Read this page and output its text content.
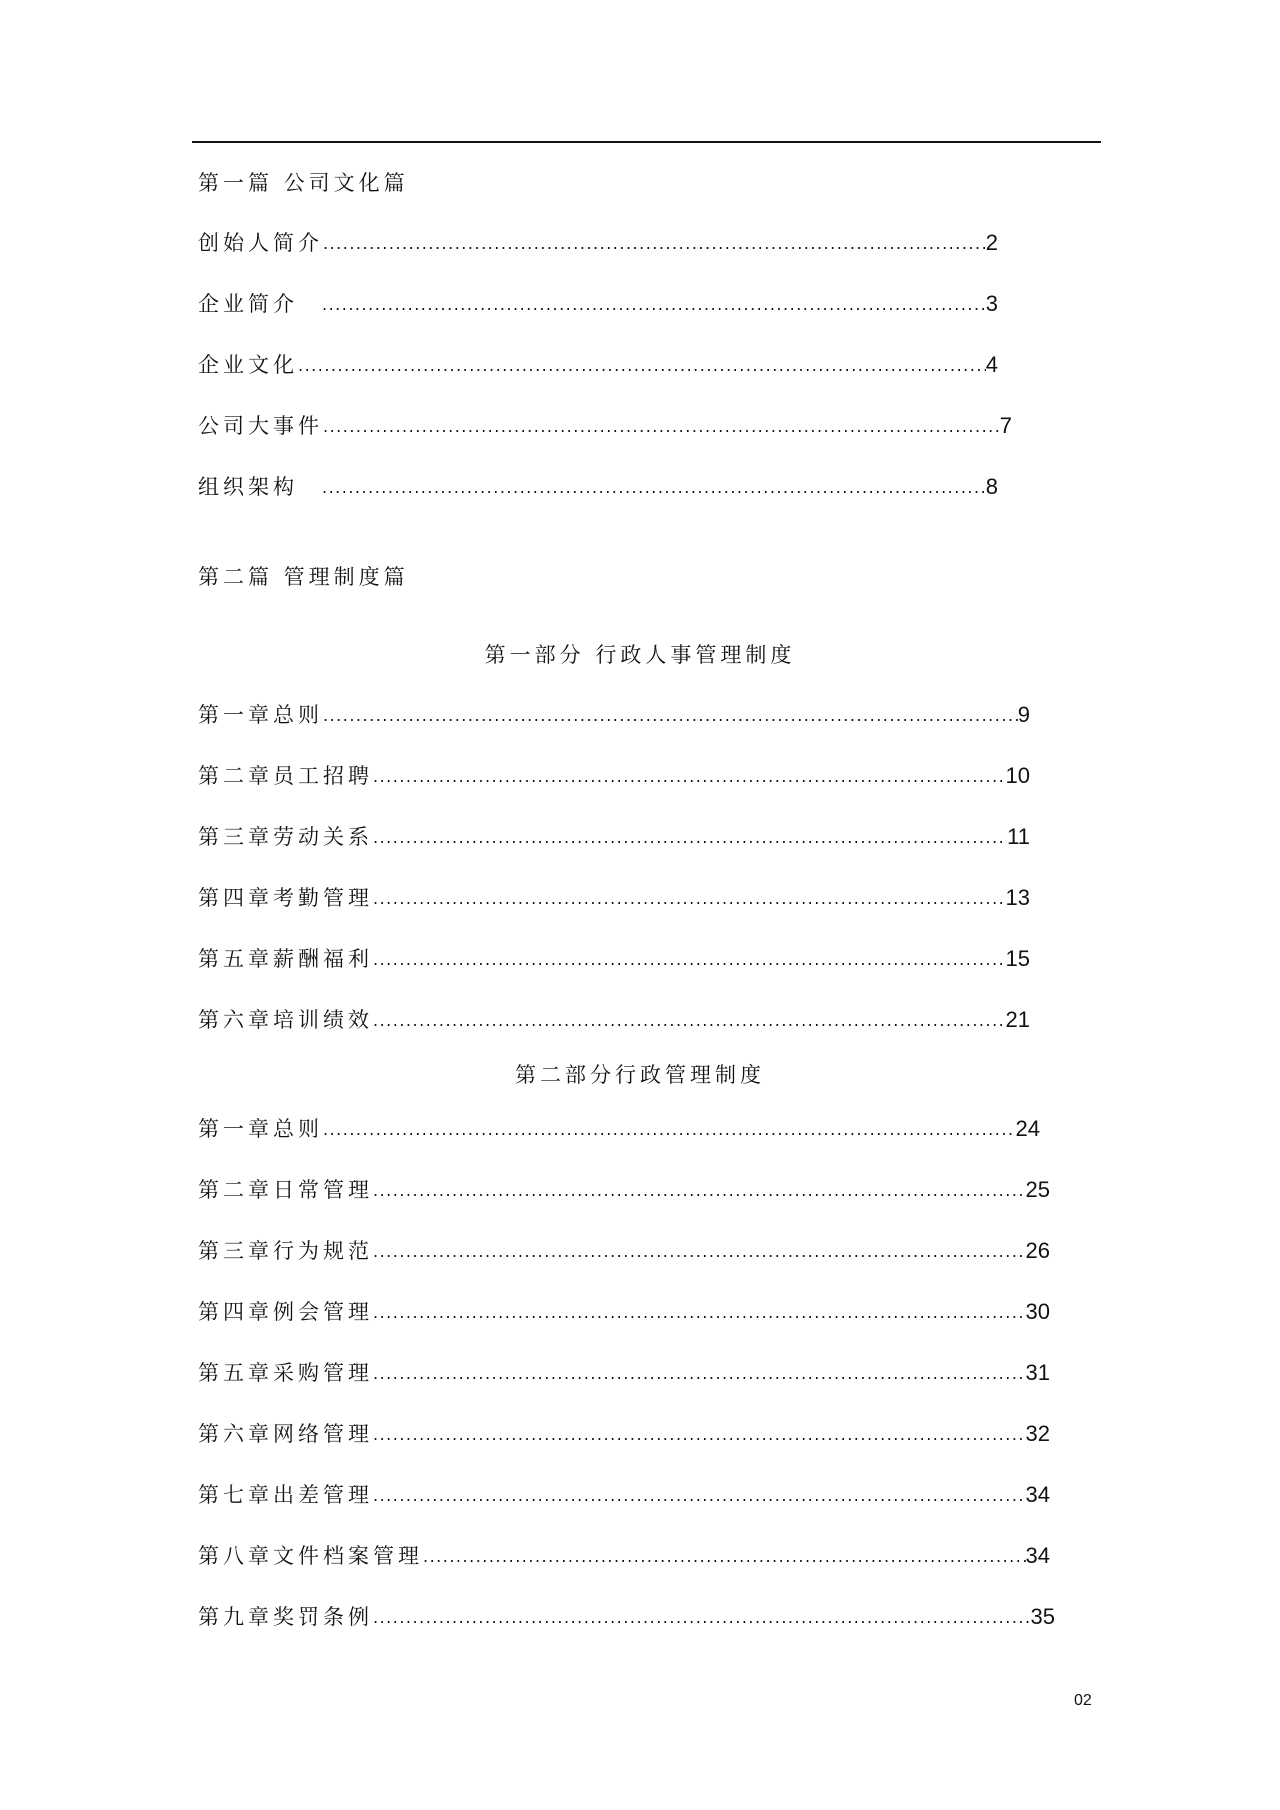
第一篇 公司文化篇
创始人简介 .....	2
企业简介 .....	3
企业文化 .....	4
公司大事件 .....	7
组织架构 .....	8
第二篇 管理制度篇
第一部分 行政人事管理制度
第一章总则 .....	9
第二章员工招聘 .....	10
第三章劳动关系 .....	11
第四章考勤管理 .....	13
第五章薪酬福利 .....	15
第六章培训绩效 .....	21
第二部分行政管理制度
第一章总则 .....	24
第二章日常管理 .....	25
第三章行为规范 .....	26
第四章例会管理 .....	30
第五章采购管理 .....	31
第六章网络管理 .....	32
第七章出差管理 .....	34
第八章文件档案管理 .....	34
第九章奖罚条例 .....	35
02
